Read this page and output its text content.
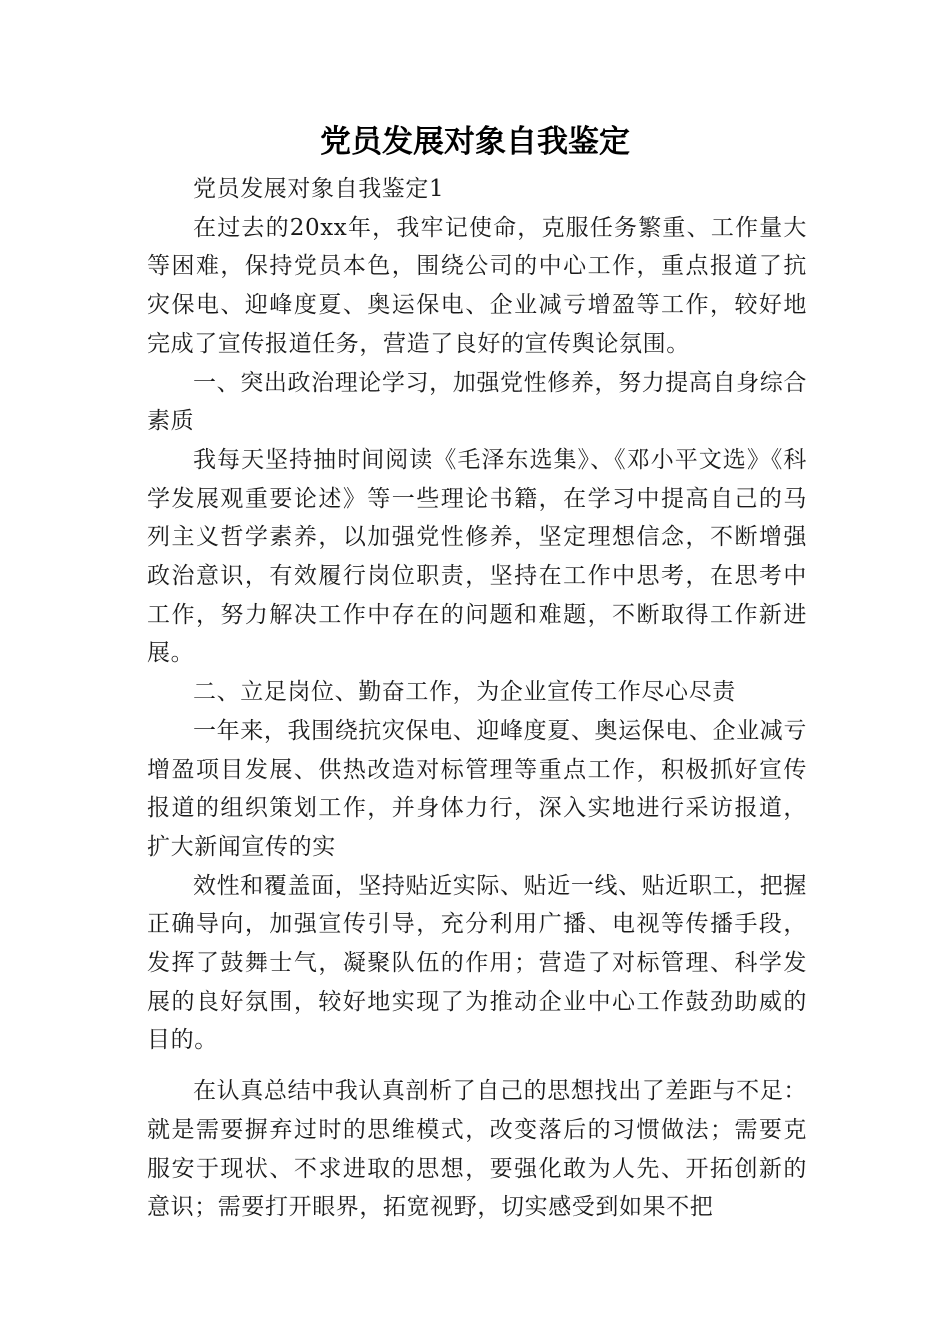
党员发展对象自我鉴定

党员发展对象自我鉴定1

在过去的20xx年，我牢记使命，克服任务繁重、工作量大等困难，保持党员本色，围绕公司的中心工作，重点报道了抗灾保电、迎峰度夏、奥运保电、企业减亏增盈等工作，较好地完成了宣传报道任务，营造了良好的宣传舆论氛围。

一、突出政治理论学习，加强党性修养，努力提高自身综合素质

我每天坚持抽时间阅读《毛泽东选集》、《邓小平文选》《科学发展观重要论述》等一些理论书籍，在学习中提高自己的马列主义哲学素养，以加强党性修养，坚定理想信念，不断增强政治意识，有效履行岗位职责，坚持在工作中思考，在思考中工作，努力解决工作中存在的问题和难题，不断取得工作新进展。

二、立足岗位、勤奋工作，为企业宣传工作尽心尽责

一年来，我围绕抗灾保电、迎峰度夏、奥运保电、企业减亏增盈项目发展、供热改造对标管理等重点工作，积极抓好宣传报道的组织策划工作，并身体力行，深入实地进行采访报道，扩大新闻宣传的实

效性和覆盖面，坚持贴近实际、贴近一线、贴近职工，把握正确导向，加强宣传引导，充分利用广播、电视等传播手段，发挥了鼓舞士气，凝聚队伍的作用；营造了对标管理、科学发展的良好氛围，较好地实现了为推动企业中心工作鼓劲助威的目的。

在认真总结中我认真剖析了自己的思想找出了差距与不足：就是需要摒弃过时的思维模式，改变落后的习惯做法；需要克服安于现状、不求进取的思想，要强化敢为人先、开拓创新的意识；需要打开眼界，拓宽视野，切实感受到如果不把
